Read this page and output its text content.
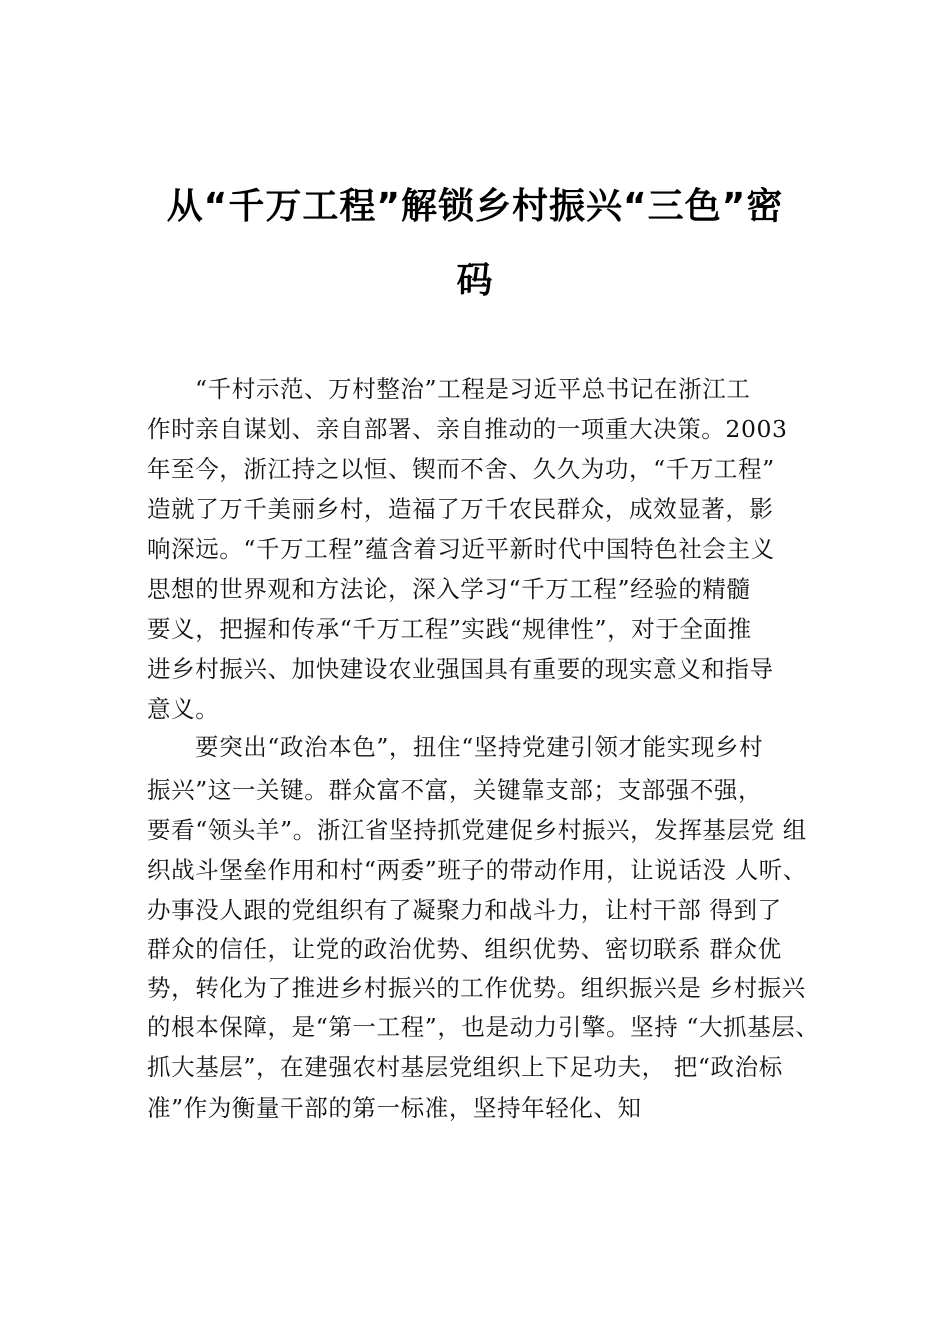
从“千万工程”解锁乡村振兴“三色”密
码
“千村示范、万村整治”工程是习近平总书记在浙江工
作时亲自谋划、亲自部署、亲自推动的一项重大决策。2003
年至今，浙江持之以恒、锲而不舍、久久为功，“千万工程”
造就了万千美丽乡村，造福了万千农民群众，成效显著，影
响深远。“千万工程”蕴含着习近平新时代中国特色社会主义
思想的世界观和方法论，深入学习“千万工程”经验的精髓
要义，把握和传承“千万工程”实践“规律性”，对于全面推
进乡村振兴、加快建设农业强国具有重要的现实意义和指导
意义。
要突出“政治本色”，扭住“坚持党建引领才能实现乡村
振兴”这一关键。群众富不富，关键靠支部；支部强不强，
要看“领头羊”。浙江省坚持抓党建促乡村振兴，发挥基层党 组
织战斗堡垒作用和村“两委”班子的带动作用，让说话没 人听、
办事没人跟的党组织有了凝聚力和战斗力，让村干部 得到了
群众的信任，让党的政治优势、组织优势、密切联系 群众优
势，转化为了推进乡村振兴的工作优势。组织振兴是 乡村振兴
的根本保障，是“第一工程”，也是动力引擎。坚持 “大抓基层、
抓大基层”，在建强农村基层党组织上下足功夫， 把“政治标
准”作为衡量干部的第一标准，坚持年轻化、知
